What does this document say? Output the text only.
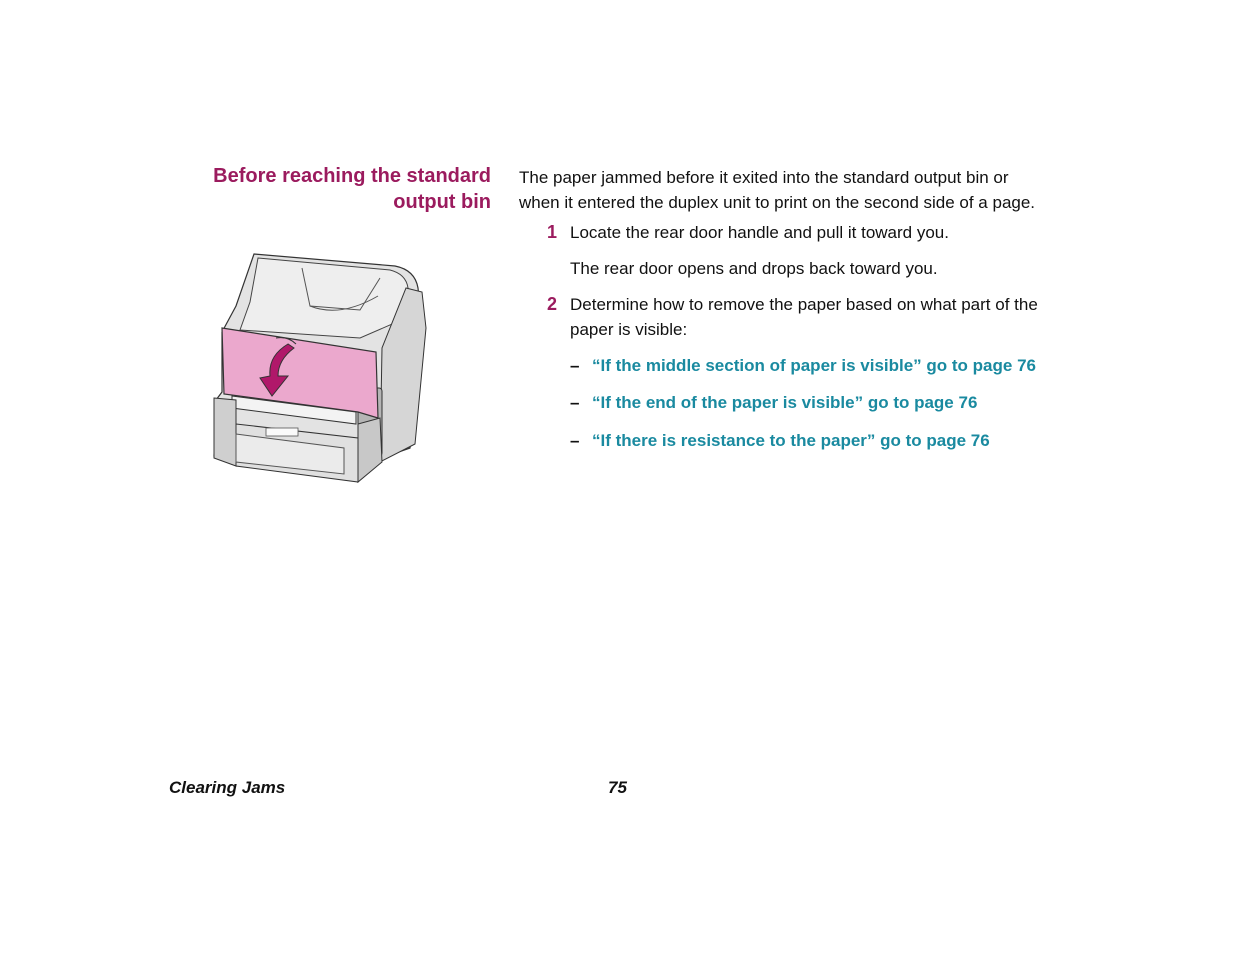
Before reaching the standard
output bin
The paper jammed before it exited into the standard output bin or
when it entered the duplex unit to print on the second side of a page.
1 Locate the rear door handle and pull it toward you.
The rear door opens and drops back toward you.
2 Determine how to remove the paper based on what part of the
paper is visible:
– “If the middle section of paper is visible” go to page 76
– “If the end of the paper is visible” go to page 76
– “If there is resistance to the paper” go to page 76
Clearing Jams	75
